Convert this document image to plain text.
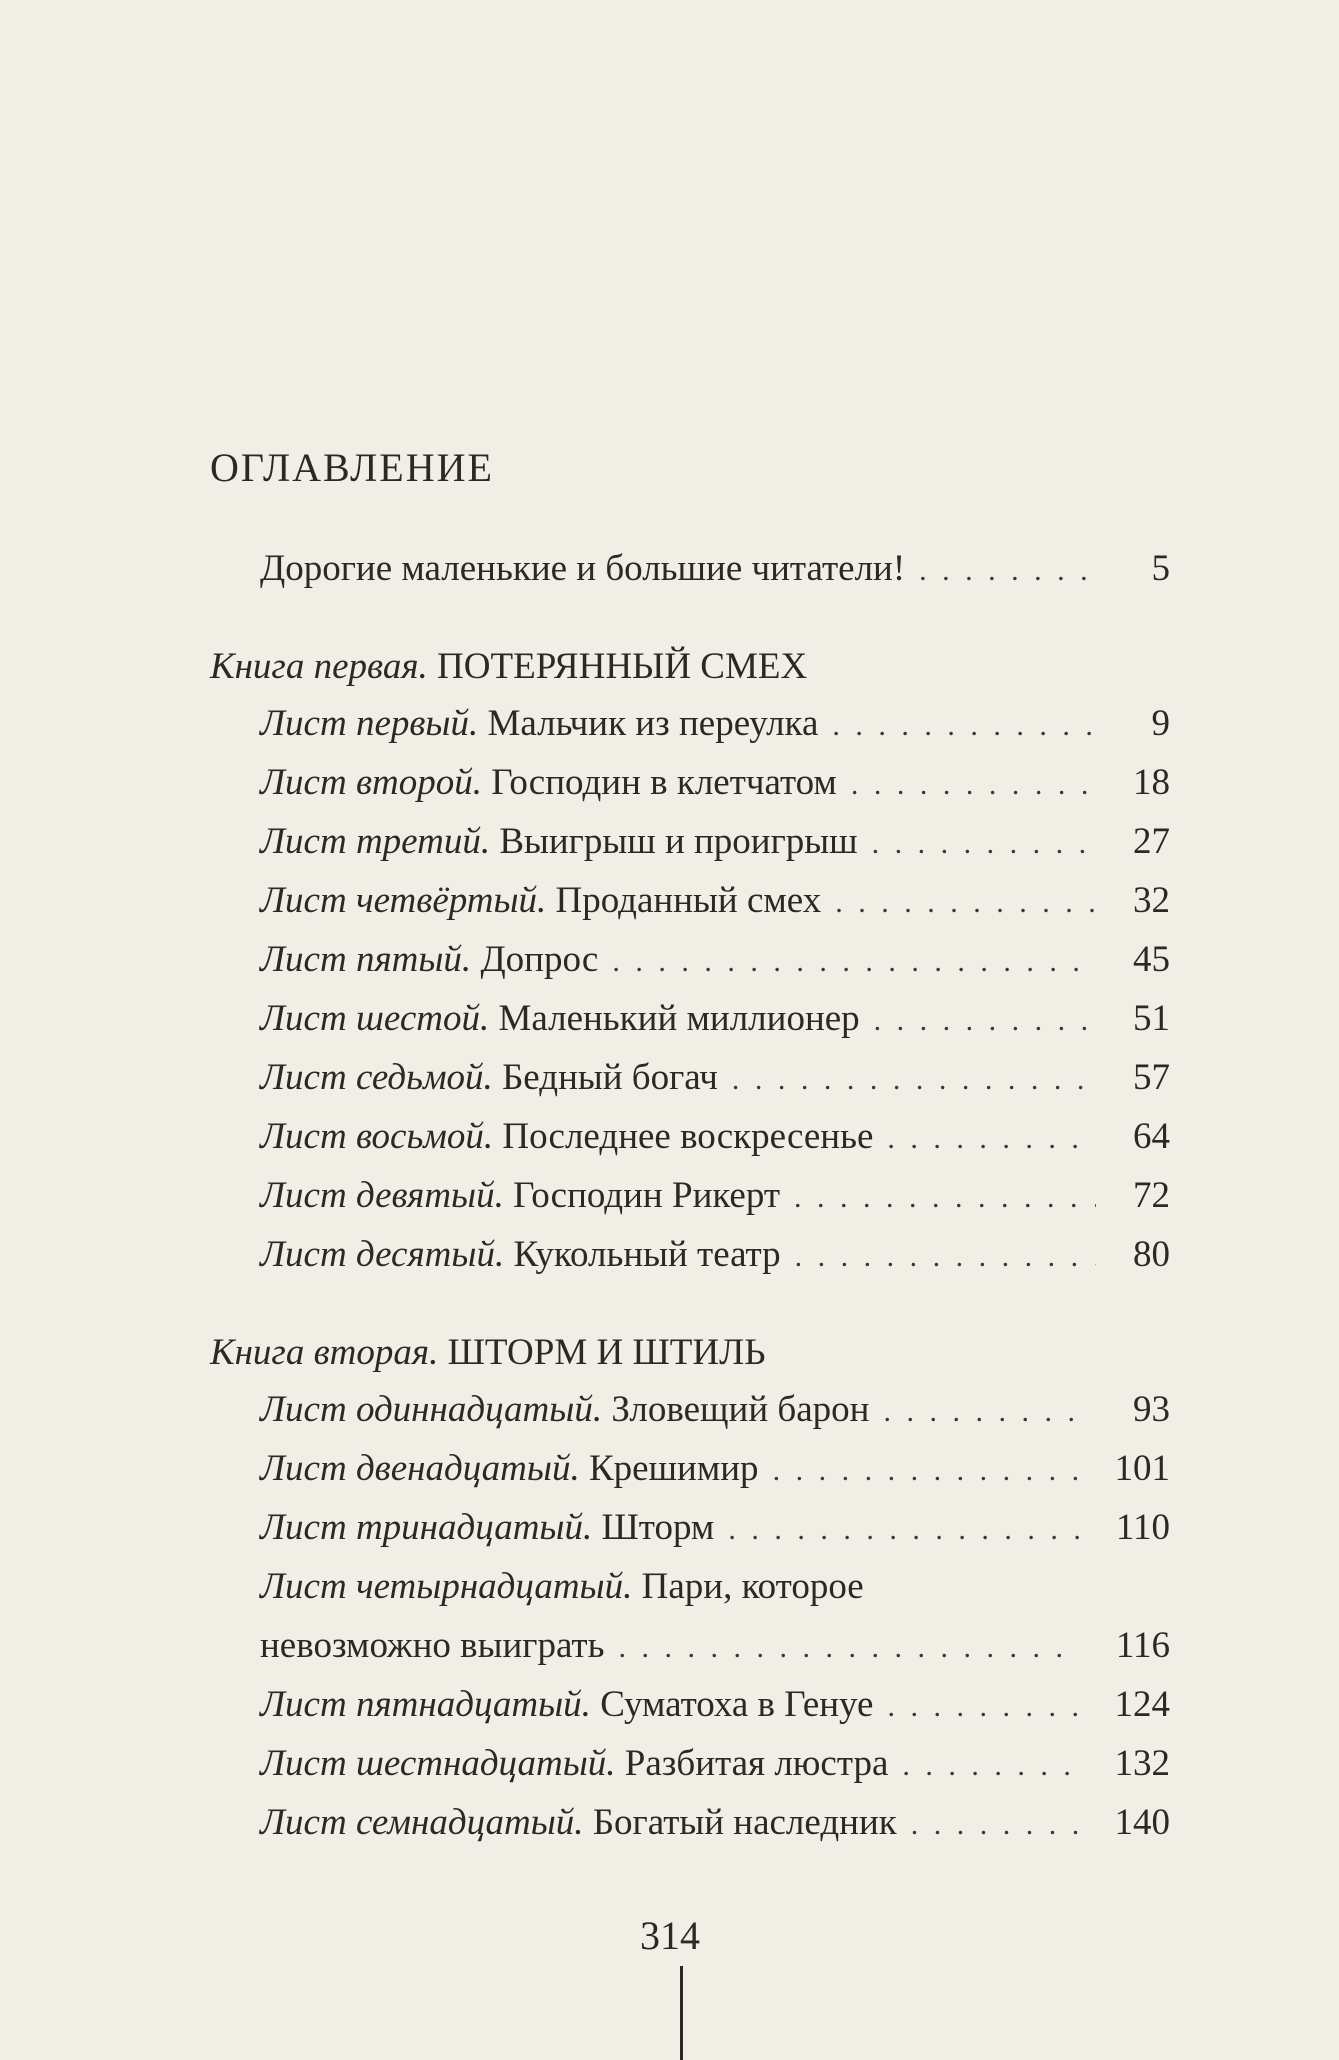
ОГЛАВЛЕНИЕ
Дорогие маленькие и большие читатели! . . .	5
Книга первая. ПОТЕРЯННЫЙ СМЕХ
Лист первый. Мальчик из переулка . . .	9
Лист второй. Господин в клетчатом . . .	18
Лист третий. Выигрыш и проигрыш . . .	27
Лист четвёртый. Проданный смех . . .	32
Лист пятый. Допрос . . .	45
Лист шестой. Маленький миллионер . . .	51
Лист седьмой. Бедный богач . . .	57
Лист восьмой. Последнее воскресенье . . .	64
Лист девятый. Господин Рикерт . . .	72
Лист десятый. Кукольный театр . . .	80
Книга вторая. ШТОРМ И ШТИЛЬ
Лист одиннадцатый. Зловещий барон . . .	93
Лист двенадцатый. Крешимир . . .	101
Лист тринадцатый. Шторм . . .	110
Лист четырнадцатый. Пари, которое
невозможно выиграть . . .	116
Лист пятнадцатый. Суматоха в Генуе . . .	124
Лист шестнадцатый. Разбитая люстра . . .	132
Лист семнадцатый. Богатый наследник . . .	140
314
